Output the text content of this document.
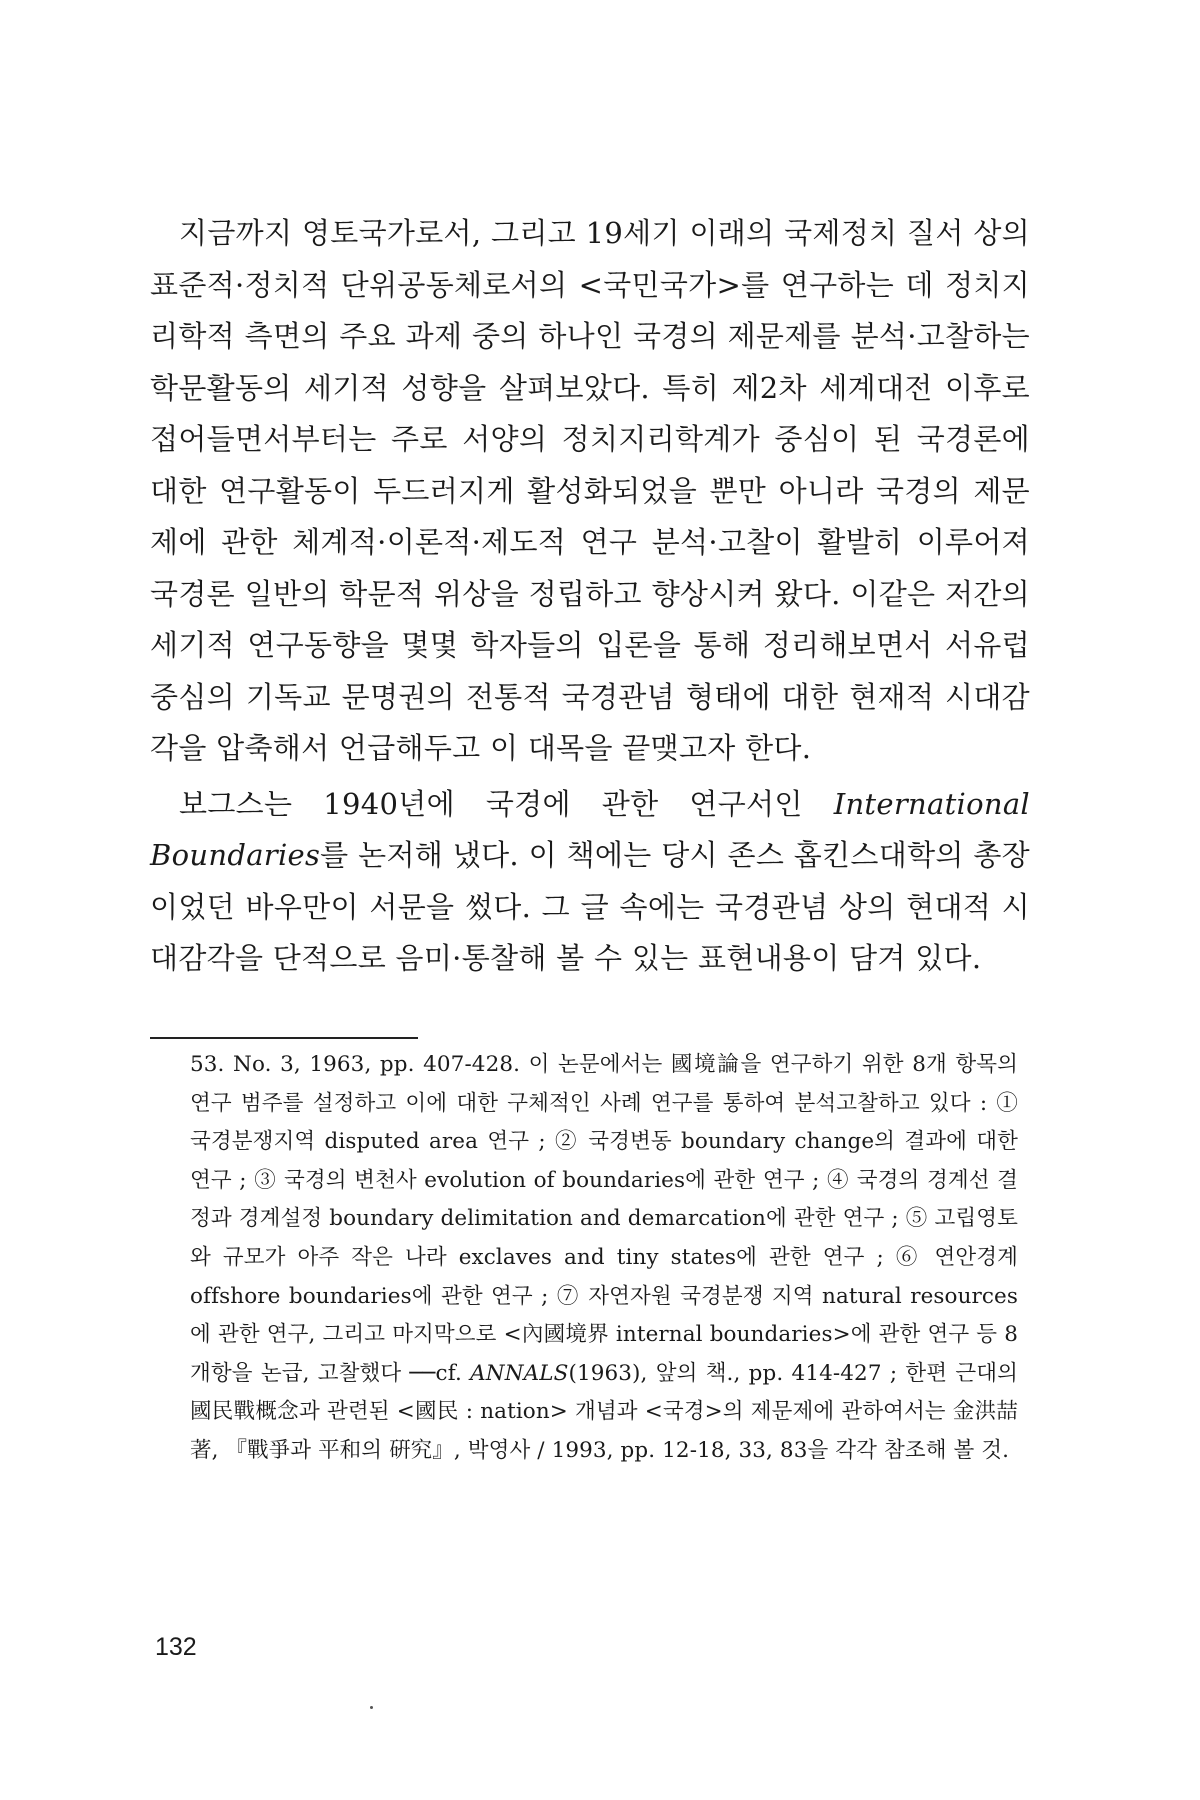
지금까지 영토국가로서, 그리고 19세기 이래의 국제정치 질서 상의 표준적·정치적 단위공동체로서의 <국민국가>를 연구하는 데 정치지리학적 측면의 주요 과제 중의 하나인 국경의 제문제를 분석·고찰하는 학문활동의 세기적 성향을 살펴보았다. 특히 제2차 세계대전 이후로 접어들면서부터는 주로 서양의 정치지리학계가 중심이 된 국경론에 대한 연구활동이 두드러지게 활성화되었을 뿐만 아니라 국경의 제문제에 관한 체계적·이론적·제도적 연구 분석·고찰이 활발히 이루어져 국경론 일반의 학문적 위상을 정립하고 향상시켜 왔다. 이같은 저간의 세기적 연구동향을 몇몇 학자들의 입론을 통해 정리해보면서 서유럽 중심의 기독교 문명권의 전통적 국경관념 형태에 대한 현재적 시대감각을 압축해서 언급해두고 이 대목을 끝맺고자 한다.

보그스는 1940년에 국경에 관한 연구서인 International Boundaries를 논저해 냈다. 이 책에는 당시 존스 홉킨스대학의 총장이었던 바우만이 서문을 썼다. 그 글 속에는 국경관념 상의 현대적 시대감각을 단적으로 음미·통찰해 볼 수 있는 표현내용이 담겨 있다.

53. No. 3, 1963, pp. 407-428. 이 논문에서는 國境論을 연구하기 위한 8개 항목의 연구 범주를 설정하고 이에 대한 구체적인 사례 연구를 통하여 분석고찰하고 있다 : ① 국경분쟁지역 disputed area 연구 ; ② 국경변동 boundary change의 결과에 대한 연구 ; ③ 국경의 변천사 evolution of boundaries에 관한 연구 ; ④ 국경의 경계선 결정과 경계설정 boundary delimitation and demarcation에 관한 연구 ; ⑤ 고립영토와 규모가 아주 작은 나라 exclaves and tiny states에 관한 연구 ; ⑥ 연안경계 offshore boundaries에 관한 연구 ; ⑦ 자연자원 국경분쟁 지역 natural resources에 관한 연구, 그리고 마지막으로 <內國境界 internal boundaries>에 관한 연구 등 8개항을 논급, 고찰했다 ──cf. ANNALS(1963), 앞의 책., pp. 414-427 ; 한편 근대의 國民戰概念과 관련된 <國民 : nation> 개념과 <국경>의 제문제에 관하여서는 金洪喆 著, 『戰爭과 平和의 硏究』, 박영사 / 1993, pp. 12-18, 33, 83을 각각 참조해 볼 것.
132
